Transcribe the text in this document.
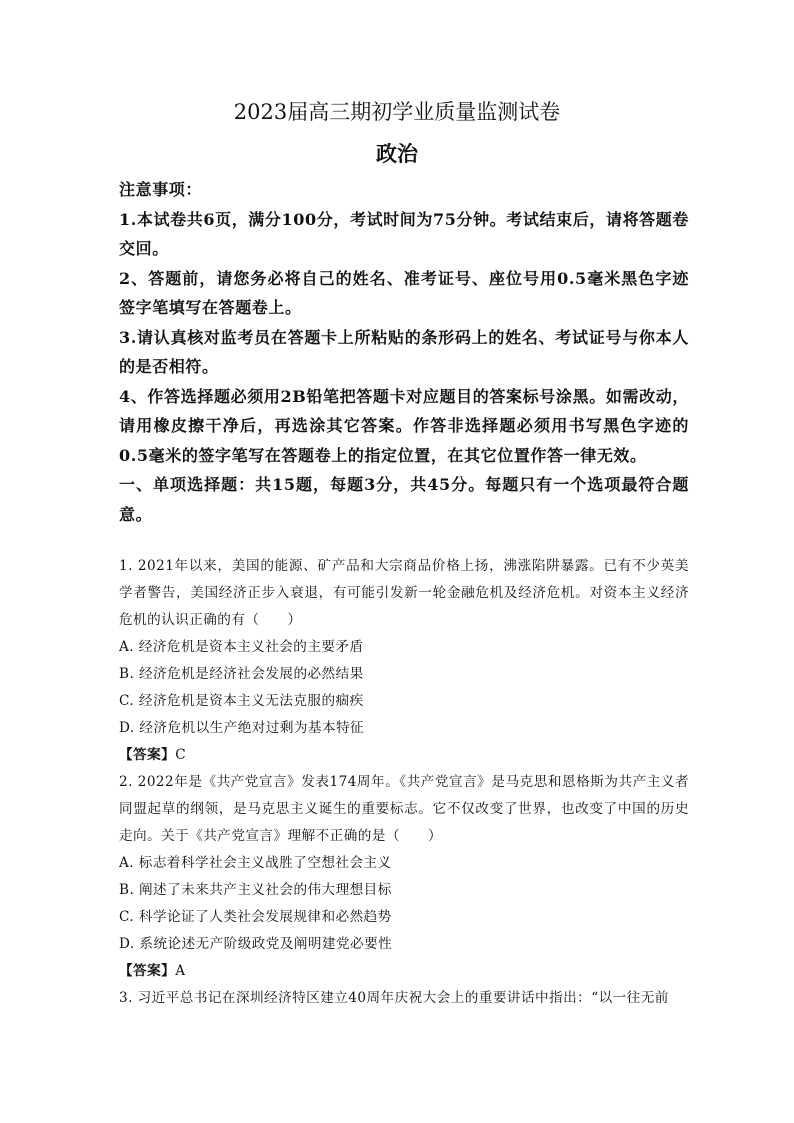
2023届高三期初学业质量监测试卷
政治

注意事项：

1.本试卷共6页，满分100分，考试时间为75分钟。考试结束后，请将答题卷交回。

2、答题前，请您务必将自己的姓名、准考证号、座位号用0.5毫米黑色字迹签字笔填写在答题卷上。

3.请认真核对监考员在答题卡上所粘贴的条形码上的姓名、考试证号与你本人的是否相符。

4、作答选择题必须用2B铅笔把答题卡对应题目的答案标号涂黑。如需改动，请用橡皮擦干净后，再选涂其它答案。作答非选择题必须用书写黑色字迹的0.5毫米的签字笔写在答题卷上的指定位置，在其它位置作答一律无效。

一、单项选择题：共15题，每题3分，共45分。每题只有一个选项最符合题意。

1. 2021年以来，美国的能源、矿产品和大宗商品价格上扬，沸涨陷阱暴露。已有不少英美学者警告，美国经济正步入衰退，有可能引发新一轮金融危机及经济危机。对资本主义经济危机的认识正确的有（　　）

A. 经济危机是资本主义社会的主要矛盾

B. 经济危机是经济社会发展的必然结果

C. 经济危机是资本主义无法克服的痼疾

D. 经济危机以生产绝对过剩为基本特征

【答案】C

2. 2022年是《共产党宣言》发表174周年。《共产党宣言》是马克思和恩格斯为共产主义者同盟起草的纲领，是马克思主义诞生的重要标志。它不仅改变了世界，也改变了中国的历史走向。关于《共产党宣言》理解不正确的是（　　）

A. 标志着科学社会主义战胜了空想社会主义

B. 阐述了未来共产主义社会的伟大理想目标

C. 科学论证了人类社会发展规律和必然趋势

D. 系统论述无产阶级政党及阐明建党必要性

【答案】A

3. 习近平总书记在深圳经济特区建立40周年庆祝大会上的重要讲话中指出：“以一往无前
